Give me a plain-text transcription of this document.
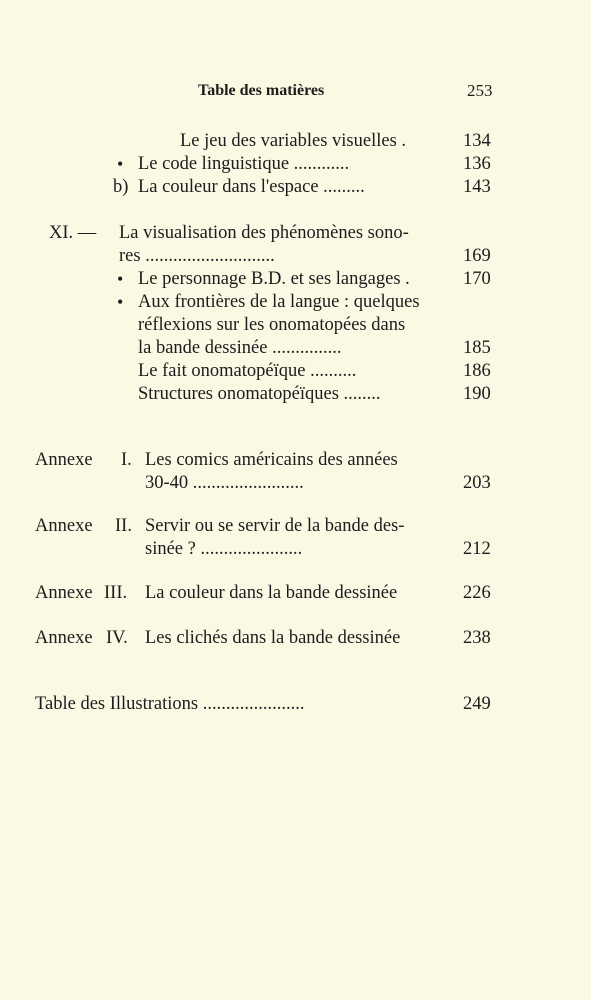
Table des matières	253
Le jeu des variables visuelles .	134
• Le code linguistique ............	136
b) La couleur dans l'espace .........	143
XI. — La visualisation des phénomènes sono-
res ............................	169
• Le personnage B.D. et ses langages .	170
• Aux frontières de la langue : quelques
réflexions sur les onomatopées dans
la bande dessinée ...............	185
Le fait onomatopéïque ..........	186
Structures onomatopéïques ........	190
Annexe I. Les comics américains des années
30-40 ........................	203
Annexe II. Servir ou se servir de la bande des-
sinée ? ......................	212
Annexe III. La couleur dans la bande dessinée	226
Annexe IV. Les clichés dans la bande dessinée	238
Table des Illustrations ......................	249
